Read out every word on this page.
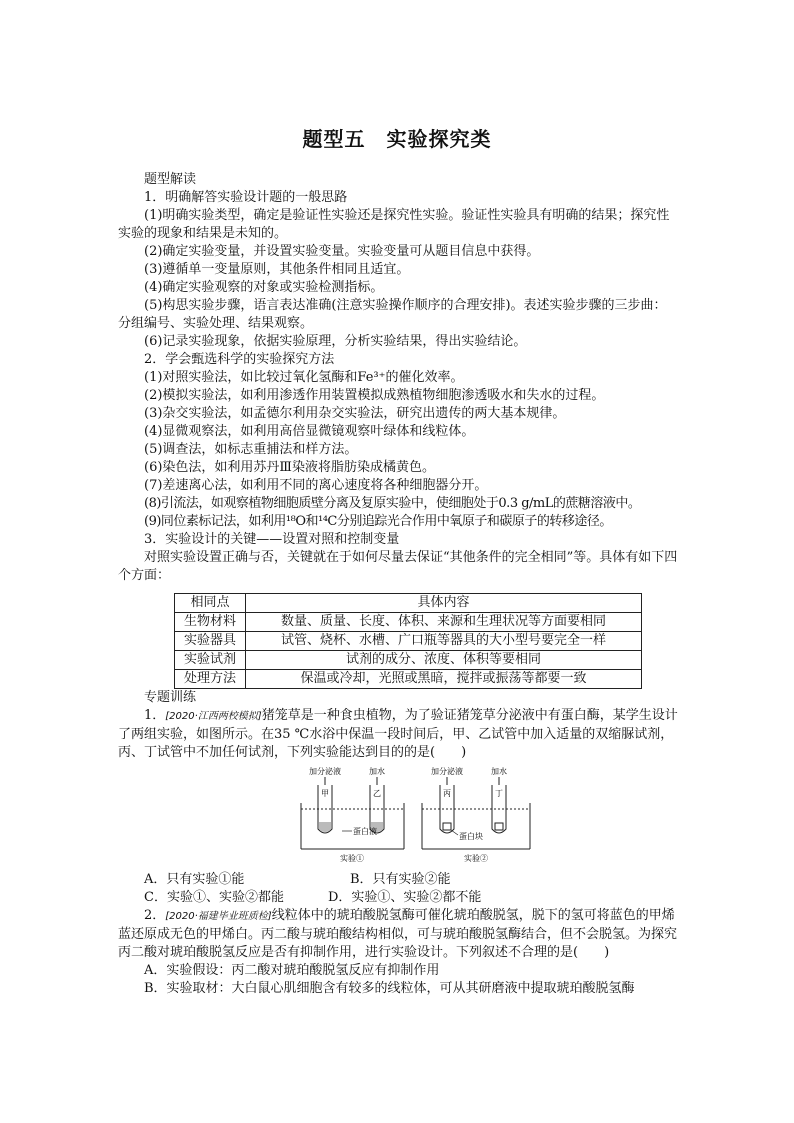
题型五　实验探究类

题型解读

1．明确解答实验设计题的一般思路

(1)明确实验类型，确定是验证性实验还是探究性实验。验证性实验具有明确的结果；探究性实验的现象和结果是未知的。

(2)确定实验变量，并设置实验变量。实验变量可从题目信息中获得。

(3)遵循单一变量原则，其他条件相同且适宜。

(4)确定实验观察的对象或实验检测指标。

(5)构思实验步骤，语言表达准确(注意实验操作顺序的合理安排)。表述实验步骤的三步曲：分组编号、实验处理、结果观察。

(6)记录实验现象，依据实验原理，分析实验结果，得出实验结论。

2．学会甄选科学的实验探究方法

(1)对照实验法，如比较过氧化氢酶和Fe³⁺的催化效率。

(2)模拟实验法，如利用渗透作用装置模拟成熟植物细胞渗透吸水和失水的过程。

(3)杂交实验法，如孟德尔利用杂交实验法，研究出遗传的两大基本规律。

(4)显微观察法，如利用高倍显微镜观察叶绿体和线粒体。

(5)调查法，如标志重捕法和样方法。

(6)染色法，如利用苏丹Ⅲ染液将脂肪染成橘黄色。

(7)差速离心法，如利用不同的离心速度将各种细胞器分开。

(8)引流法，如观察植物细胞质壁分离及复原实验中，使细胞处于0.3 g/mL的蔗糖溶液中。

(9)同位素标记法，如利用¹⁸O和¹⁴C分别追踪光合作用中氧原子和碳原子的转移途径。

3．实验设计的关键——设置对照和控制变量

对照实验设置正确与否，关键就在于如何尽量去保证“其他条件的完全相同”等。具体有如下四个方面：

相同点	具体内容
生物材料	数量、质量、长度、体积、来源和生理状况等方面要相同
实验器具	试管、烧杯、水槽、广口瓶等器具的大小型号要完全一样
实验试剂	试剂的成分、浓度、体积等要相同
处理方法	保温或冷却，光照或黑暗，搅拌或振荡等都要一致

专题训练

1．[2020·江西两校模拟]猪笼草是一种食虫植物，为了验证猪笼草分泌液中有蛋白酶，某学生设计了两组实验，如图所示。在35 ℃水浴中保温一段时间后，甲、乙试管中加入适量的双缩脲试剂，丙、丁试管中不加任何试剂，下列实验能达到目的的是(　　)

加分泌液	加水
甲	乙
蛋白液
实验①
加分泌液	加水
丙	丁
蛋白块
实验②
A．只有实验①能	B．只有实验②能
C．实验①、实验②都能	D．实验①、实验②都不能

2．[2020·福建毕业班质检]线粒体中的琥珀酸脱氢酶可催化琥珀酸脱氢，脱下的氢可将蓝色的甲烯蓝还原成无色的甲烯白。丙二酸与琥珀酸结构相似，可与琥珀酸脱氢酶结合，但不会脱氢。为探究丙二酸对琥珀酸脱氢反应是否有抑制作用，进行实验设计。下列叙述不合理的是(　　)

A．实验假设：丙二酸对琥珀酸脱氢反应有抑制作用

B．实验取材：大白鼠心肌细胞含有较多的线粒体，可从其研磨液中提取琥珀酸脱氢酶
